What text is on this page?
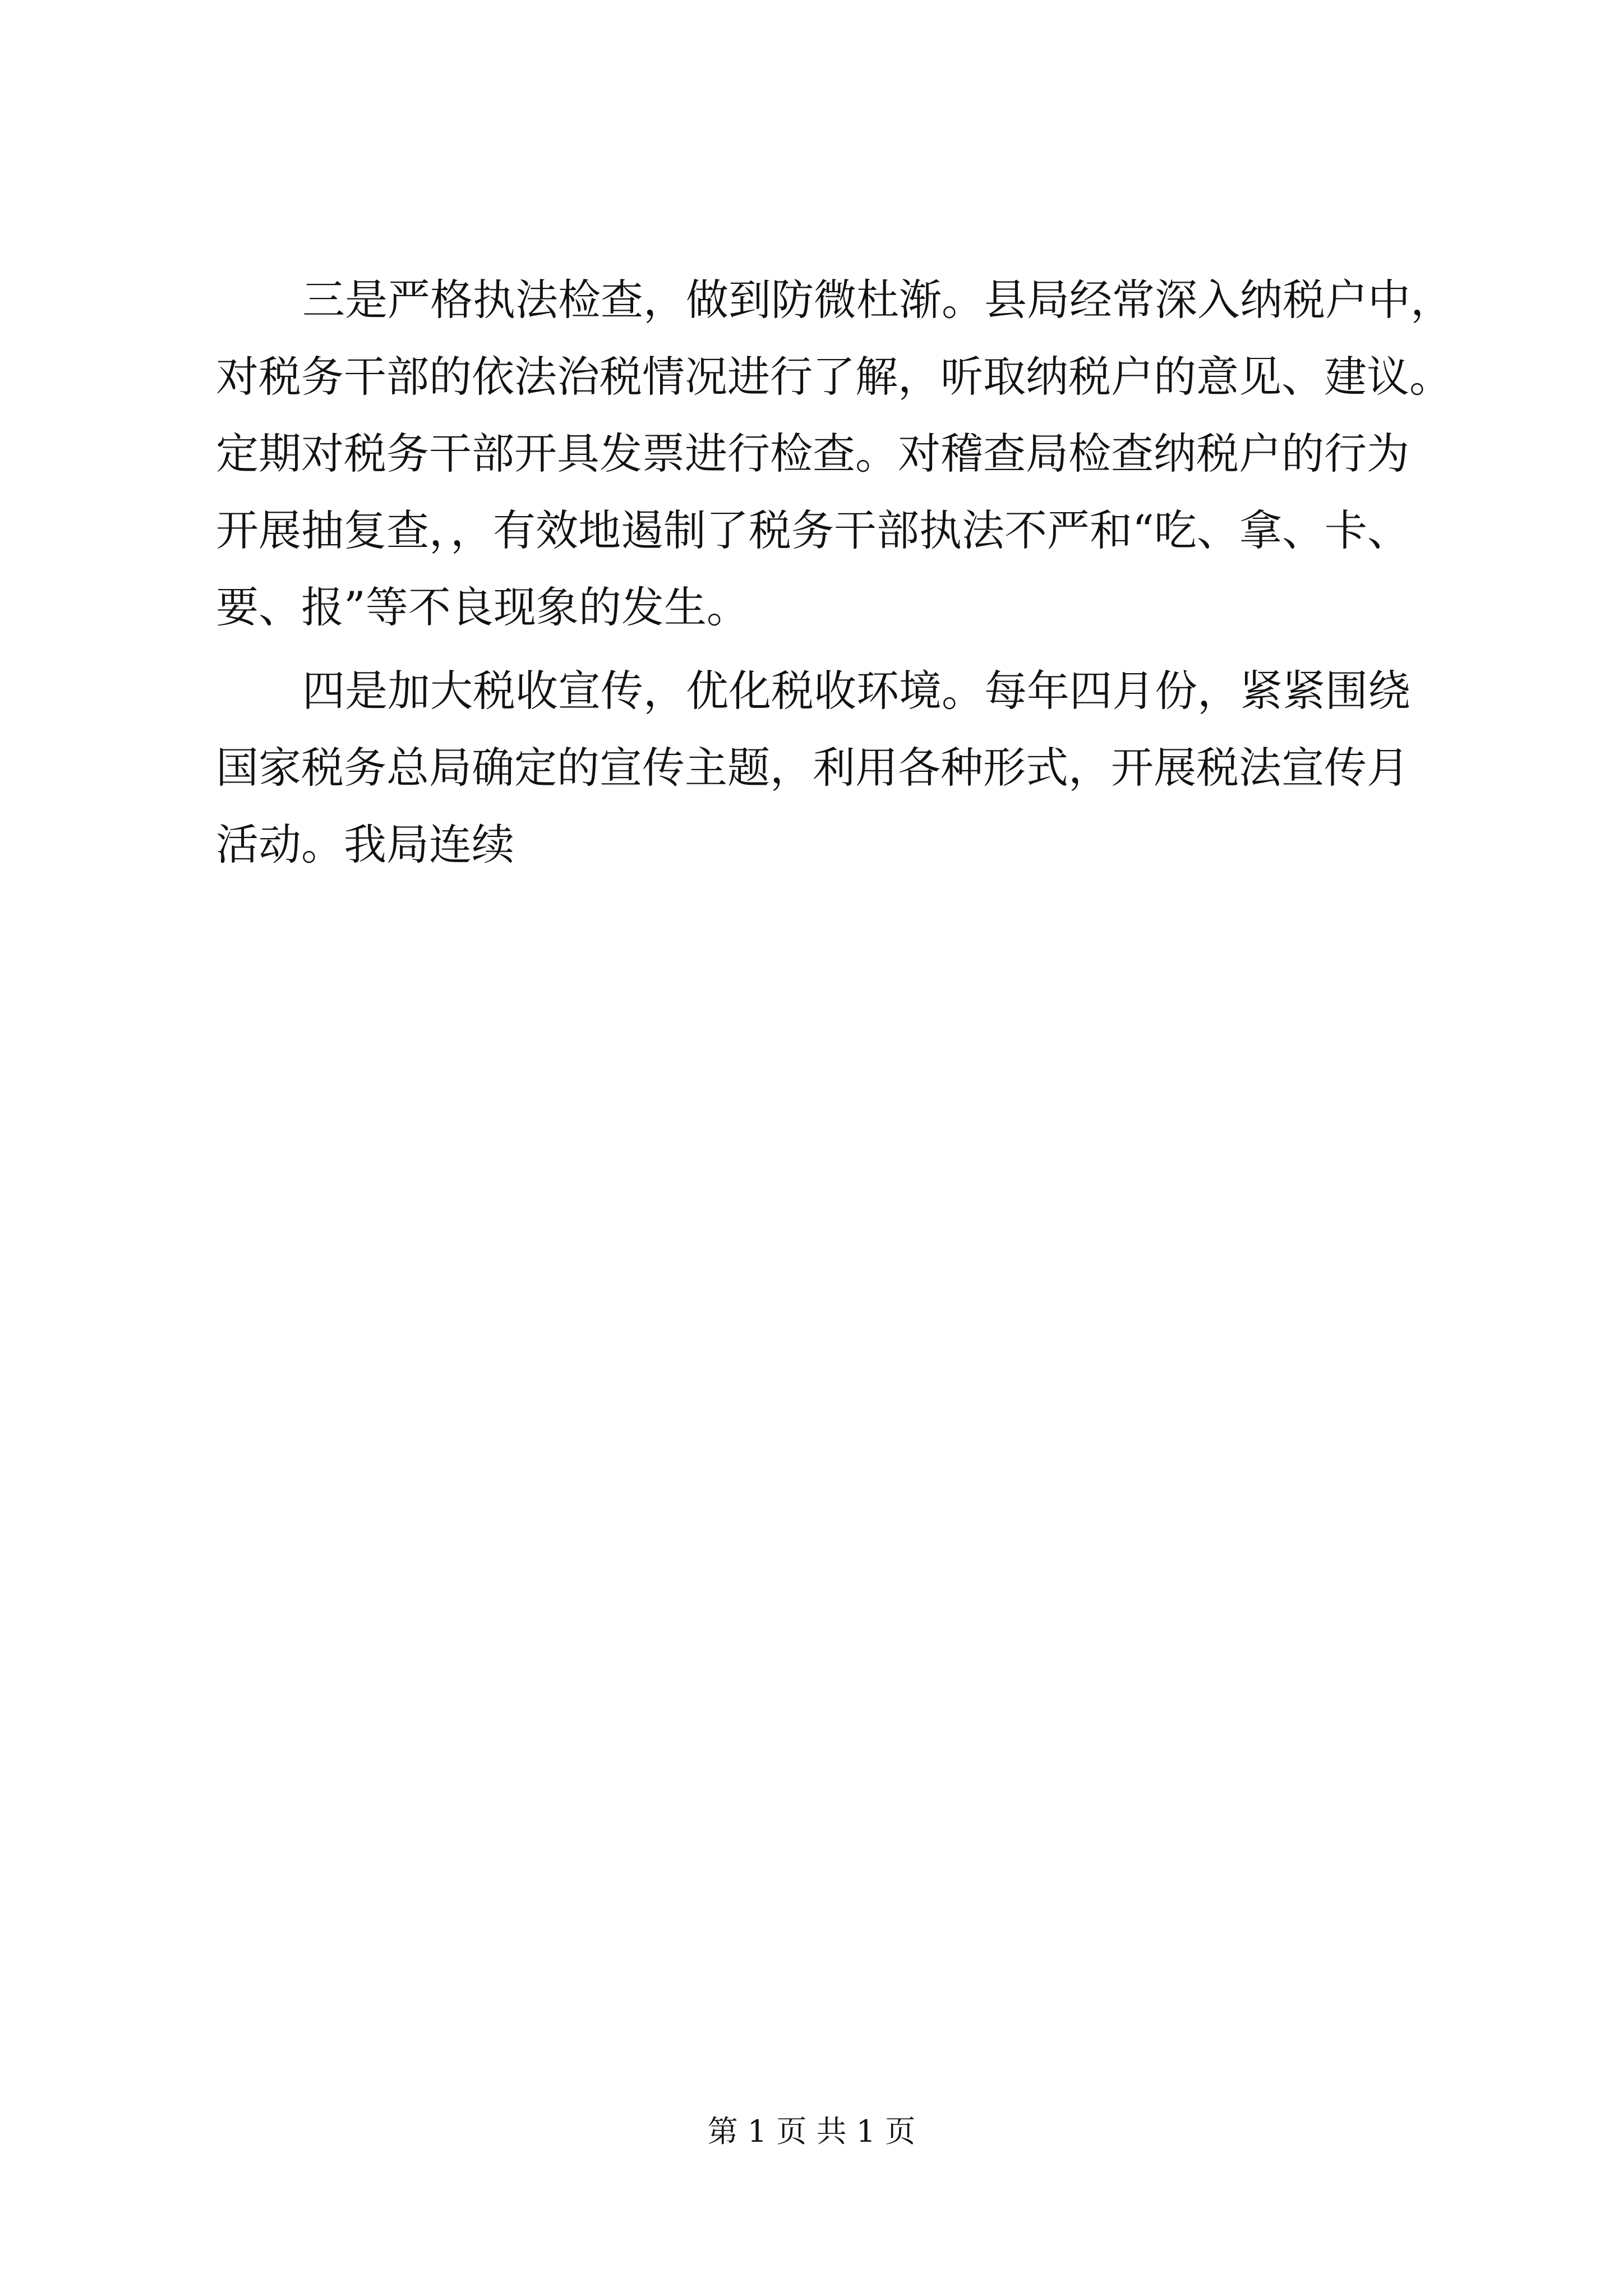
三是严格执法检查，做到防微杜渐。县局经常深入纳税户中，
对税务干部的依法治税情况进行了解，听取纳税户的意见、建议。
定期对税务干部开具发票进行检查。对稽查局检查纳税户的行为
开展抽复查，，有效地遏制了税务干部执法不严和“吃、拿、卡、
要、报”等不良现象的发生。
四是加大税收宣传，优化税收环境。每年四月份，紧紧围绕
国家税务总局确定的宣传主题，利用各种形式，开展税法宣传月
活动。我局连续
第 1 页 共 1 页
